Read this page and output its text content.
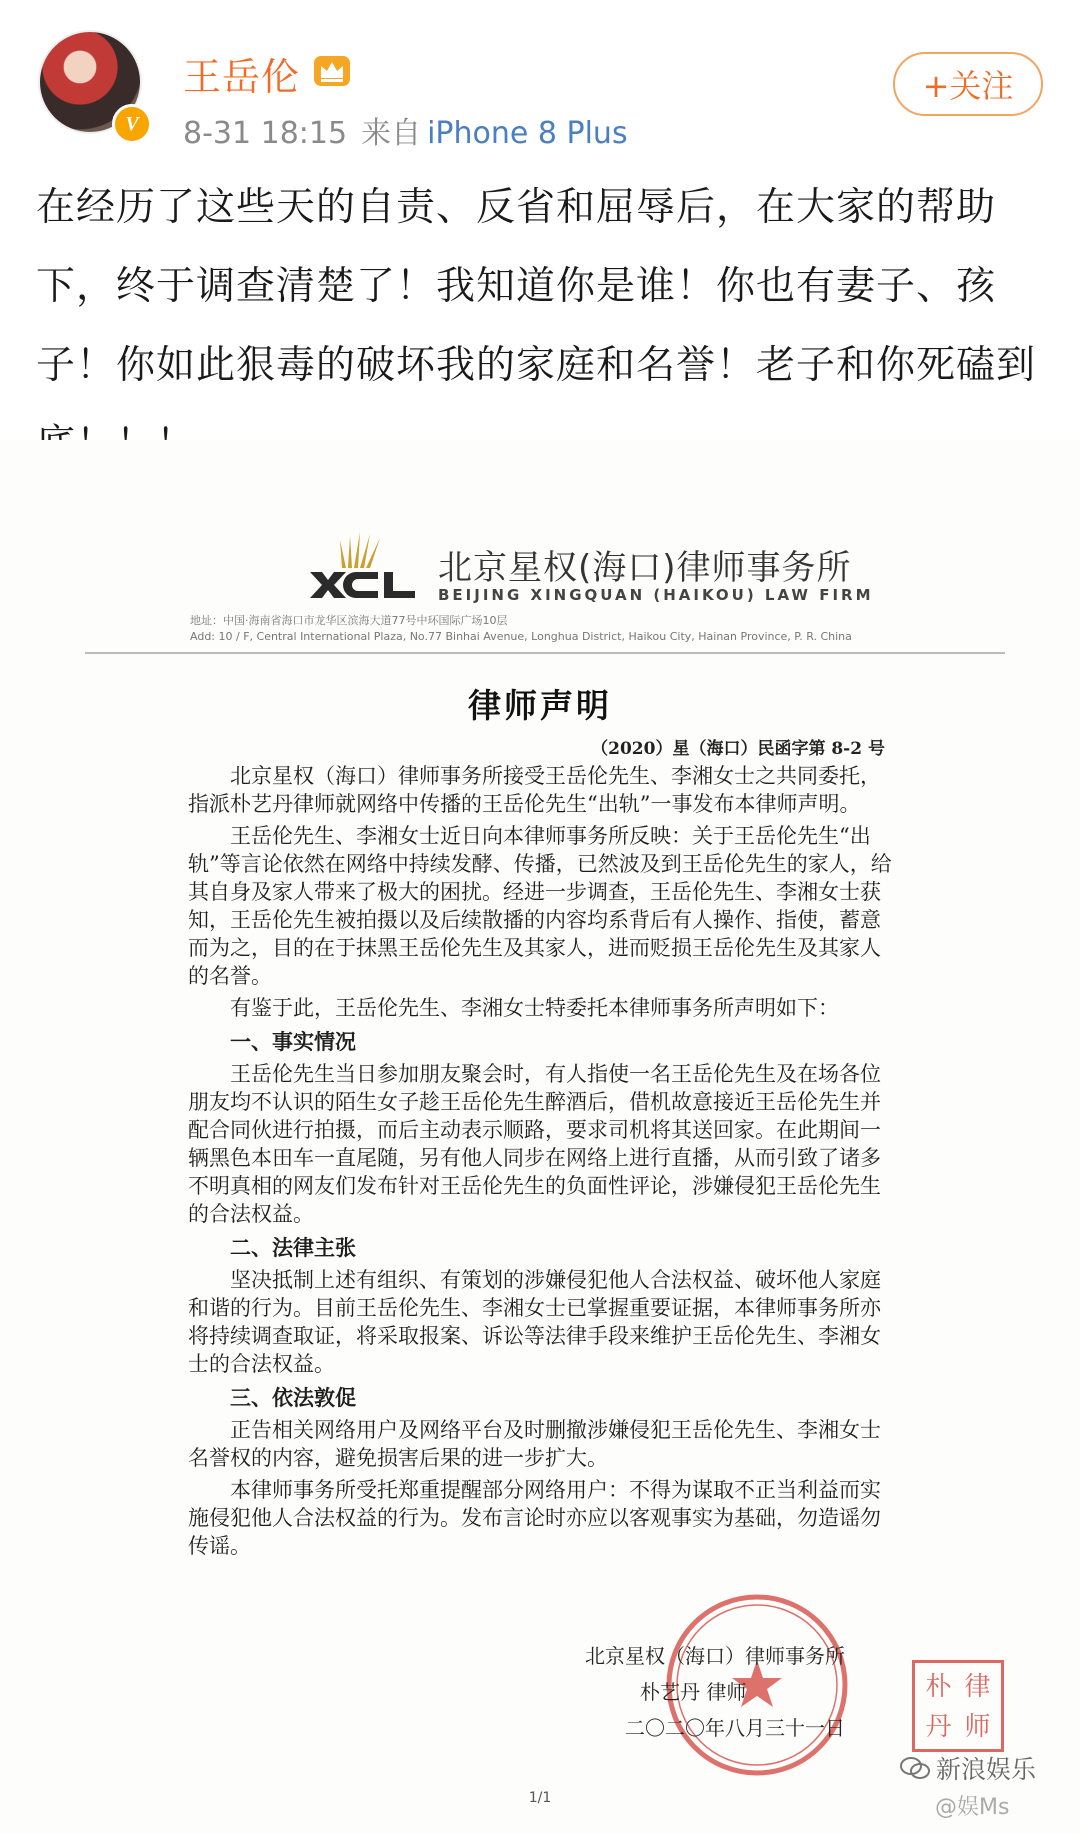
V
王岳伦
8-31 18:15 来自 iPhone 8 Plus
+关注
在经历了这些天的自责、反省和屈辱后，在大家的帮助下，终于调查清楚了！我知道你是谁！你也有妻子、孩子！你如此狠毒的破坏我的家庭和名誉！老子和你死磕到
北京星权(海口)律师事务所
BEIJING XINGQUAN (HAIKOU) LAW FIRM
地址：中国·海南省海口市龙华区滨海大道77号中环国际广场10层
Add: 10 / F, Central International Plaza, No.77 Binhai Avenue, Longhua District, Haikou City, Hainan Province, P. R. China
律师声明
（2020）星（海口）民函字第 8-2 号

北京星权（海口）律师事务所接受王岳伦先生、李湘女士之共同委托，指派朴艺丹律师就网络中传播的王岳伦先生“出轨”一事发布本律师声明。

王岳伦先生、李湘女士近日向本律师事务所反映：关于王岳伦先生“出轨”等言论依然在网络中持续发酵、传播，已然波及到王岳伦先生的家人，给其自身及家人带来了极大的困扰。经进一步调查，王岳伦先生、李湘女士获知，王岳伦先生被拍摄以及后续散播的内容均系背后有人操作、指使，蓄意而为之，目的在于抹黑王岳伦先生及其家人，进而贬损王岳伦先生及其家人的名誉。

有鉴于此，王岳伦先生、李湘女士特委托本律师事务所声明如下：

一、事实情况

王岳伦先生当日参加朋友聚会时，有人指使一名王岳伦先生及在场各位朋友均不认识的陌生女子趁王岳伦先生醉酒后，借机故意接近王岳伦先生并配合同伙进行拍摄，而后主动表示顺路，要求司机将其送回家。在此期间一辆黑色本田车一直尾随，另有他人同步在网络上进行直播，从而引致了诸多不明真相的网友们发布针对王岳伦先生的负面性评论，涉嫌侵犯王岳伦先生的合法权益。

二、法律主张

坚决抵制上述有组织、有策划的涉嫌侵犯他人合法权益、破坏他人家庭和谐的行为。目前王岳伦先生、李湘女士已掌握重要证据，本律师事务所亦将持续调查取证，将采取报案、诉讼等法律手段来维护王岳伦先生、李湘女士的合法权益。

三、依法敦促

正告相关网络用户及网络平台及时删撤涉嫌侵犯王岳伦先生、李湘女士名誉权的内容，避免损害后果的进一步扩大。

本律师事务所受托郑重提醒部分网络用户：不得为谋取不正当利益而实施侵犯他人合法权益的行为。发布言论时亦应以客观事实为基础，勿造谣勿传谣。

北京星权（海口）律师事务所
朴艺丹 律师
二〇二〇年八月三十一日
朴 律
丹 师
1/1
新浪娱乐
@娱Ms
